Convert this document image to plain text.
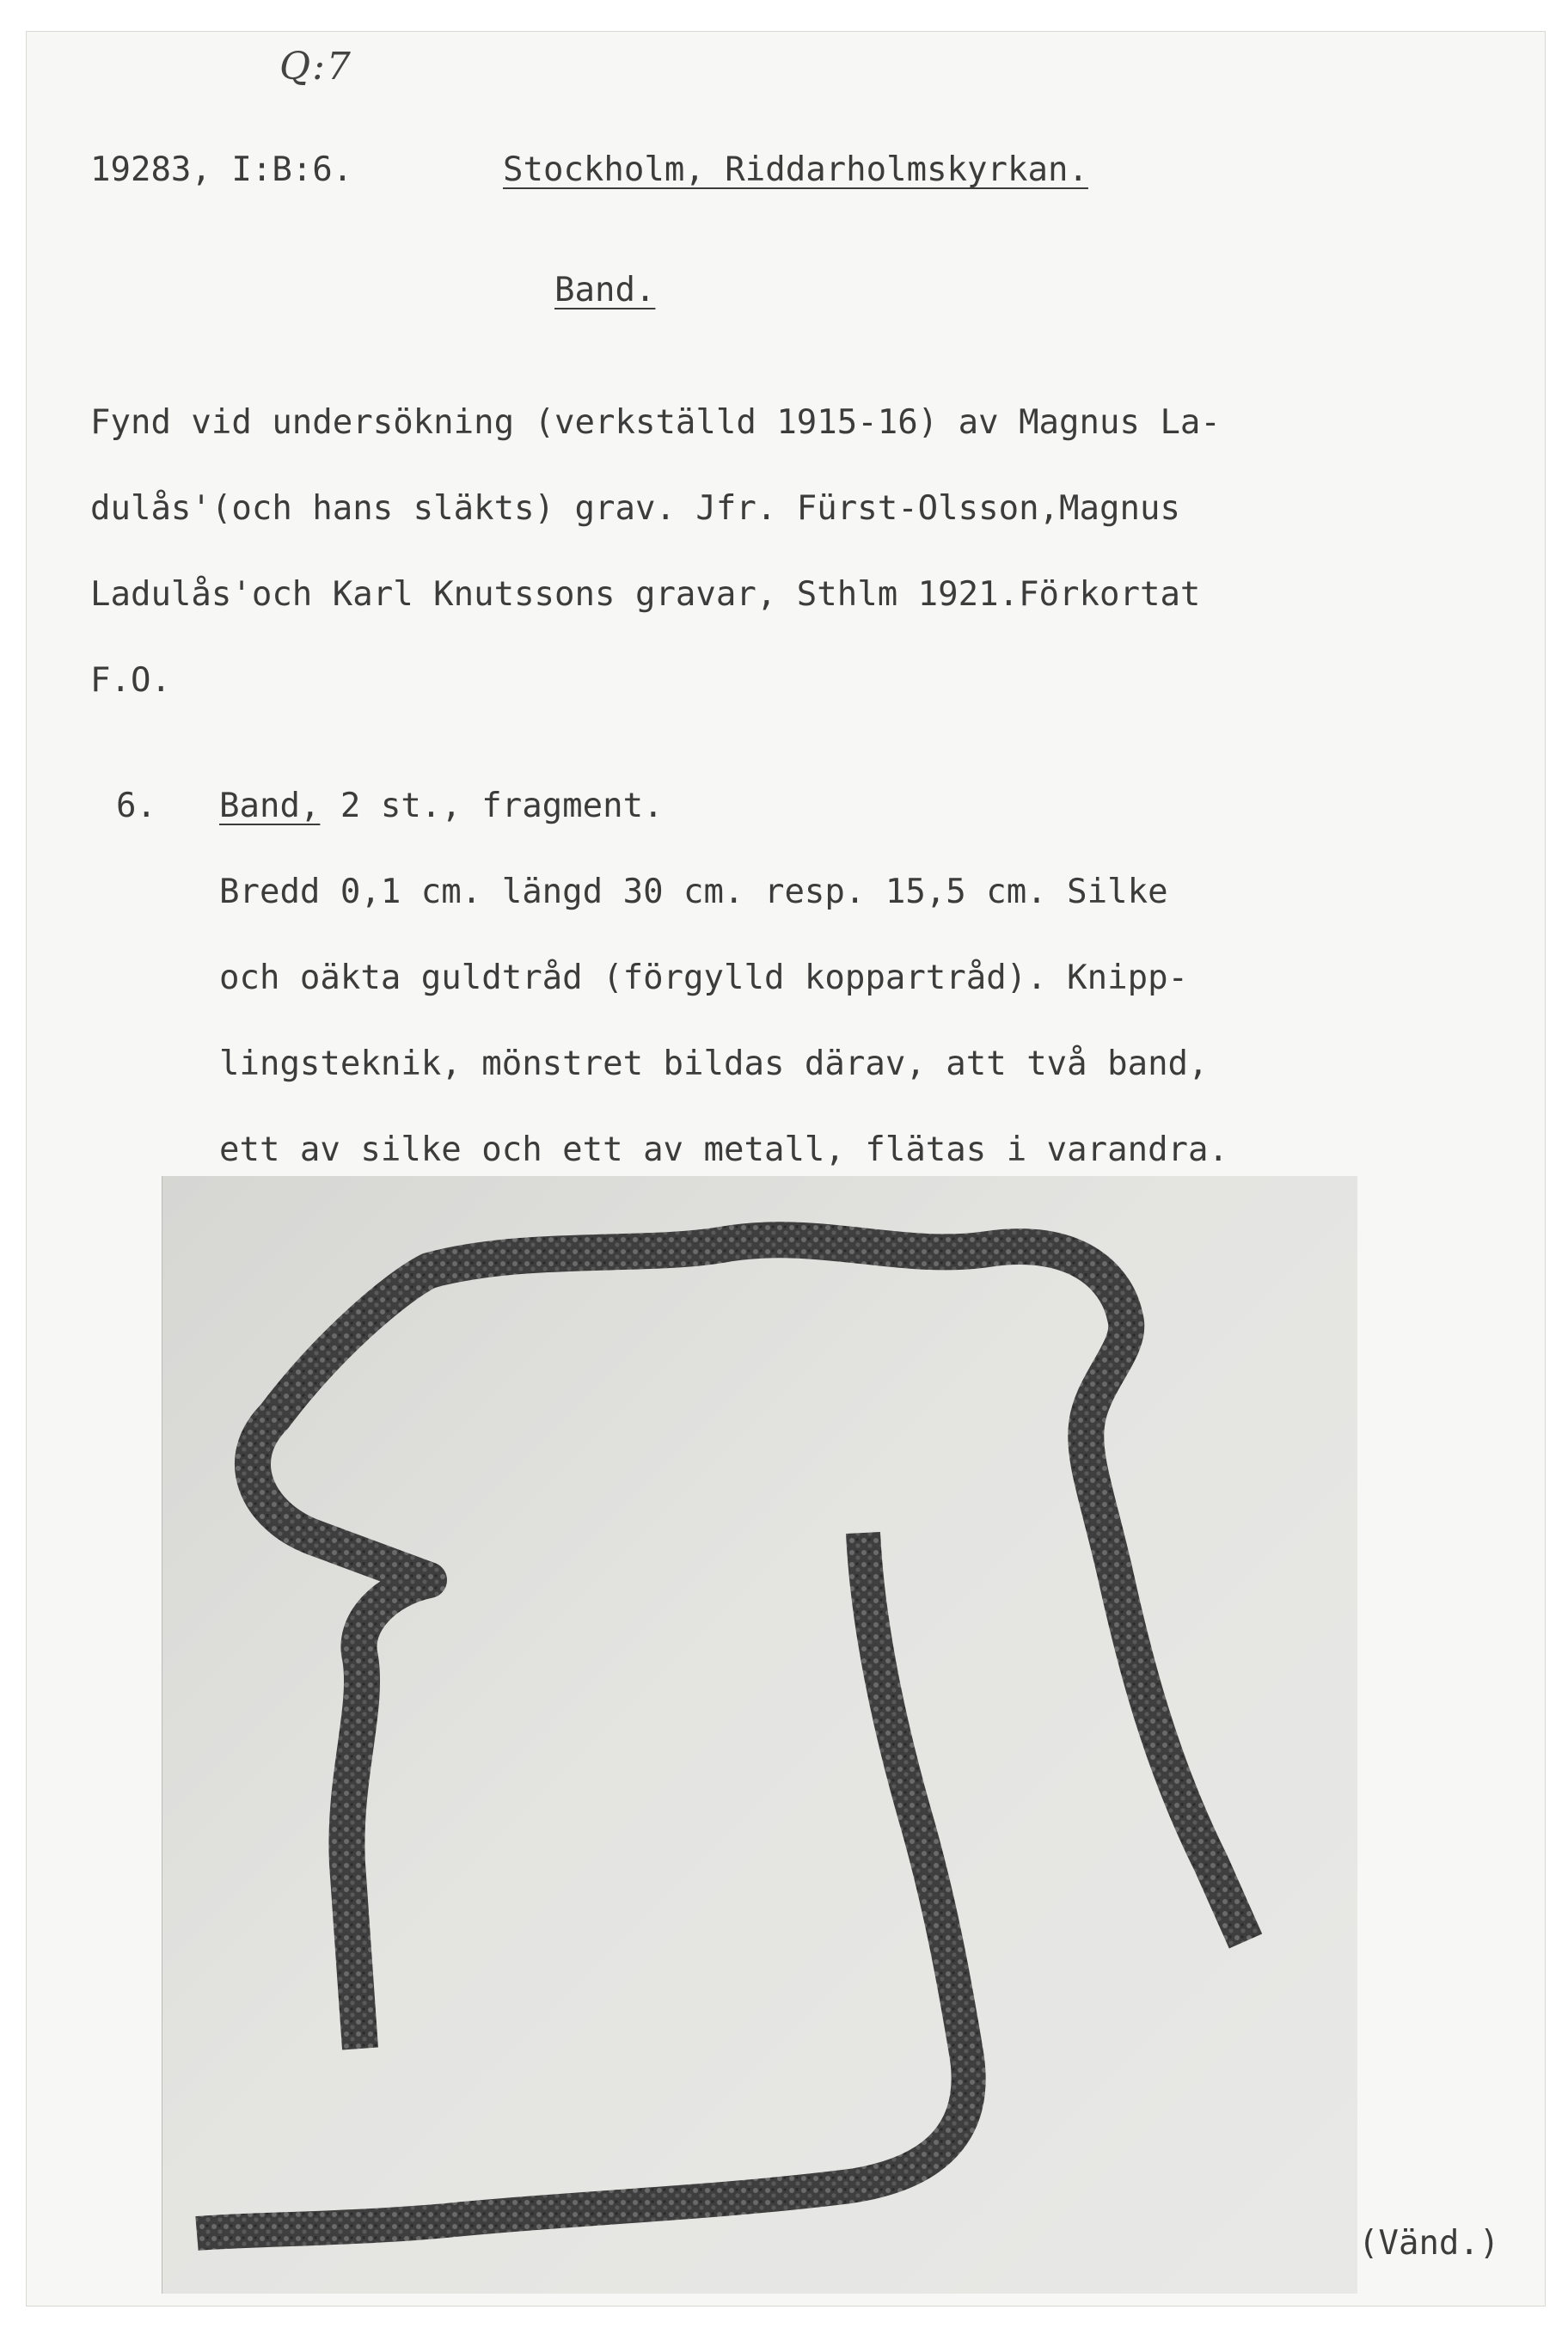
Q:7
19283, I:B:6.	Stockholm, Riddarholmskyrkan.
Band.
Fynd vid undersökning (verkställd 1915-16) av Magnus La-
dulås'(och hans släkts) grav. Jfr. Fürst-Olsson,Magnus
Ladulås'och Karl Knutssons gravar, Sthlm 1921.Förkortat
F.O.
6. Band, 2 st., fragment.
Bredd 0,1 cm. längd 30 cm. resp. 15,5 cm. Silke
och oäkta guldtråd (förgylld koppartråd). Knipp-
lingsteknik, mönstret bildas därav, att två band,
ett av silke och ett av metall, flätas i varandra.
(Vänd.)
